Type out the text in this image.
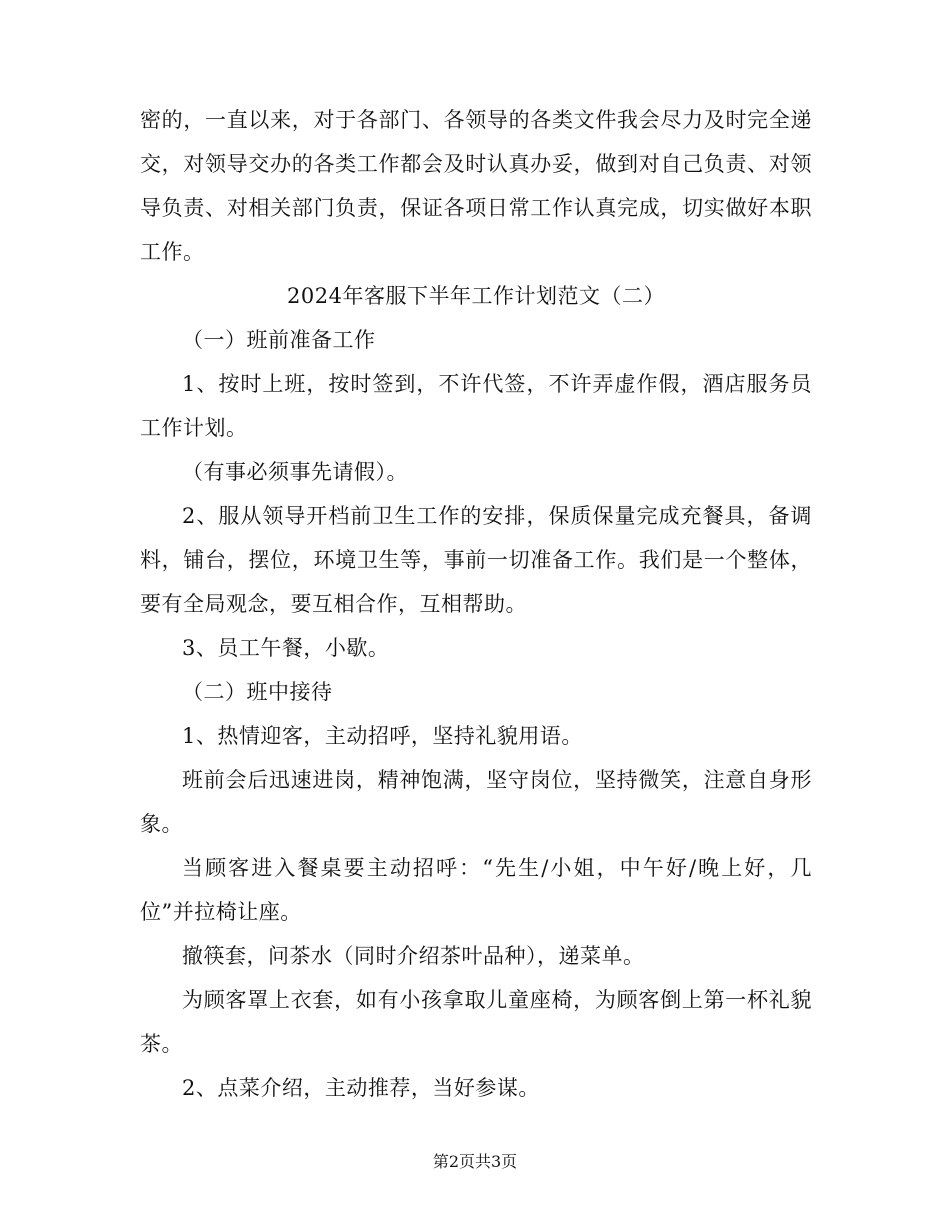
密的，一直以来，对于各部门、各领导的各类文件我会尽力及时完全递交，对领导交办的各类工作都会及时认真办妥，做到对自己负责、对领导负责、对相关部门负责，保证各项日常工作认真完成，切实做好本职工作。

2024年客服下半年工作计划范文（二）

（一）班前准备工作

1、按时上班，按时签到，不许代签，不许弄虚作假，酒店服务员工作计划。

（有事必须事先请假）。

2、服从领导开档前卫生工作的安排，保质保量完成充餐具，备调料，铺台，摆位，环境卫生等，事前一切准备工作。我们是一个整体，要有全局观念，要互相合作，互相帮助。

3、员工午餐，小歇。

（二）班中接待

1、热情迎客，主动招呼，坚持礼貌用语。

班前会后迅速进岗，精神饱满，坚守岗位，坚持微笑，注意自身形象。

当顾客进入餐桌要主动招呼：“先生/小姐，中午好/晚上好，几位”并拉椅让座。

撤筷套，问茶水（同时介绍茶叶品种），递菜单。

为顾客罩上衣套，如有小孩拿取儿童座椅，为顾客倒上第一杯礼貌茶。

2、点菜介绍，主动推荐，当好参谋。

第2页共3页
